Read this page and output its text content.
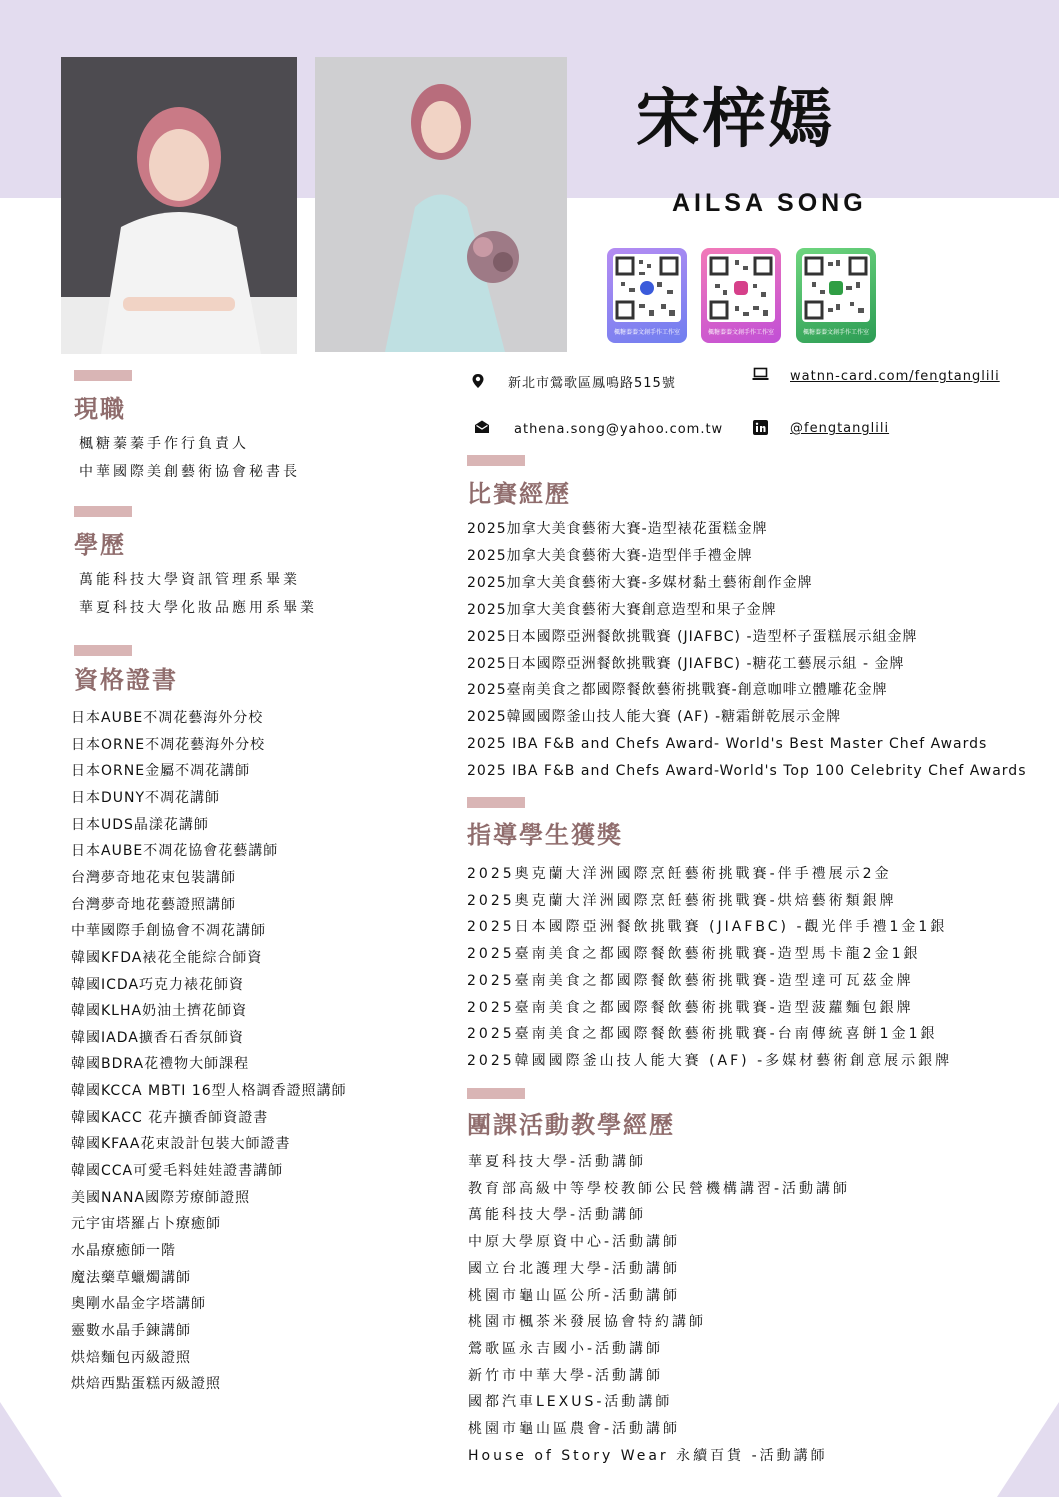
宋梓嫣
AILSA SONG
楓糖蓁蓁文創手作工作室	楓糖蓁蓁文創手作工作室	楓糖蓁蓁文創手作工作室
新北市鶯歌區鳳鳴路515號	watnn-card.com/fengtanglili
athena.song@yahoo.com.tw	@fengtanglili
現職
楓糖蓁蓁手作行負責人
中華國際美創藝術協會秘書長
學歷
萬能科技大學資訊管理系畢業
華夏科技大學化妝品應用系畢業
資格證書
日本AUBE不凋花藝海外分校
日本ORNE不凋花藝海外分校
日本ORNE金屬不凋花講師
日本DUNY不凋花講師
日本UDS晶漾花講師
日本AUBE不凋花協會花藝講師
台灣夢奇地花束包裝講師
台灣夢奇地花藝證照講師
中華國際手創協會不凋花講師
韓國KFDA裱花全能綜合師資
韓國ICDA巧克力裱花師資
韓國KLHA奶油土擠花師資
韓國IADA擴香石香氛師資
韓國BDRA花禮物大師課程
韓國KCCA MBTI 16型人格調香證照講師
韓國KACC 花卉擴香師資證書
韓國KFAA花束設計包裝大師證書
韓國CCA可愛毛料娃娃證書講師
美國NANA國際芳療師證照
元宇宙塔羅占卜療癒師
水晶療癒師一階
魔法藥草蠟燭講師
奧剛水晶金字塔講師
靈數水晶手鍊講師
烘焙麵包丙級證照
烘焙西點蛋糕丙級證照
比賽經歷
2025加拿大美食藝術大賽-造型裱花蛋糕金牌
2025加拿大美食藝術大賽-造型伴手禮金牌
2025加拿大美食藝術大賽-多媒材黏土藝術創作金牌
2025加拿大美食藝術大賽創意造型和果子金牌
2025日本國際亞洲餐飲挑戰賽 (JIAFBC) -造型杯子蛋糕展示組金牌
2025日本國際亞洲餐飲挑戰賽 (JIAFBC) -糖花工藝展示組 - 金牌
2025臺南美食之都國際餐飲藝術挑戰賽-創意咖啡立體雕花金牌
2025韓國國際釜山技人能大賽 (AF) -糖霜餅乾展示金牌
2025 IBA F&B and Chefs Award- World's Best Master Chef Awards
2025 IBA F&B and Chefs Award-World's Top 100 Celebrity Chef Awards
指導學生獲獎
2025奧克蘭大洋洲國際烹飪藝術挑戰賽-伴手禮展示2金
2025奧克蘭大洋洲國際烹飪藝術挑戰賽-烘焙藝術類銀牌
2025日本國際亞洲餐飲挑戰賽 (JIAFBC) -觀光伴手禮1金1銀
2025臺南美食之都國際餐飲藝術挑戰賽-造型馬卡龍2金1銀
2025臺南美食之都國際餐飲藝術挑戰賽-造型達可瓦茲金牌
2025臺南美食之都國際餐飲藝術挑戰賽-造型菠蘿麵包銀牌
2025臺南美食之都國際餐飲藝術挑戰賽-台南傳統喜餅1金1銀
2025韓國國際釜山技人能大賽 (AF) -多媒材藝術創意展示銀牌
團課活動教學經歷
華夏科技大學-活動講師
教育部高級中等學校教師公民營機構講習-活動講師
萬能科技大學-活動講師
中原大學原資中心-活動講師
國立台北護理大學-活動講師
桃園市龜山區公所-活動講師
桃園市楓茶米發展協會特約講師
鶯歌區永吉國小-活動講師
新竹市中華大學-活動講師
國都汽車LEXUS-活動講師
桃園市龜山區農會-活動講師
House of Story Wear 永續百貨 -活動講師
